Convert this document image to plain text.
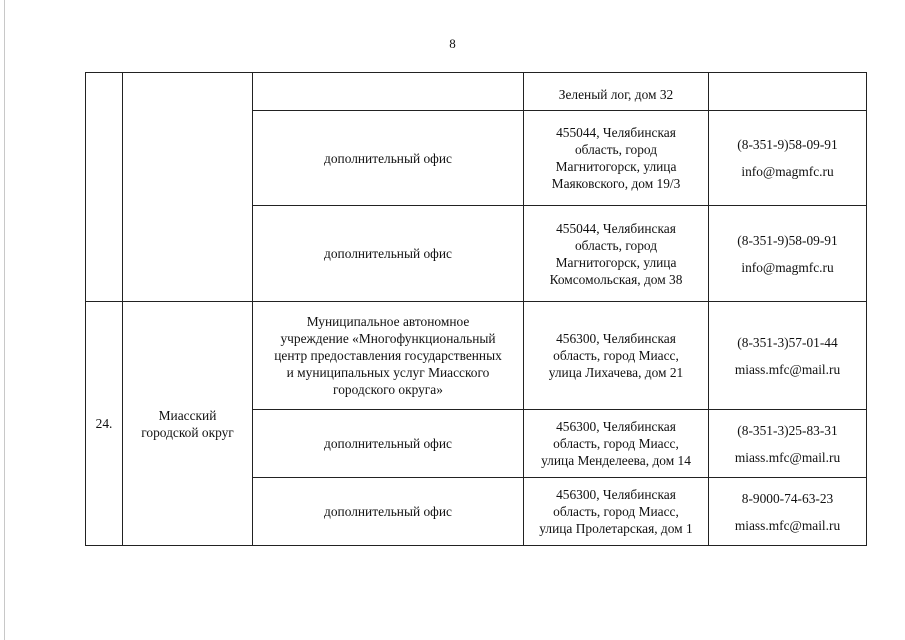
8
			Зеленый лог, дом 32	
		дополнительный офис	455044, Челябинская
область, город
Магнитогорск, улица
Маяковского, дом 19/3	(8-351-9)58-09-91
info@magmfc.ru

		дополнительный офис	455044, Челябинская
область, город
Магнитогорск, улица
Комсомольская, дом 38	(8-351-9)58-09-91
info@magmfc.ru

24.	Миасский
городской округ	Муниципальное автономное
учреждение «Многофункциональный
центр предоставления государственных
и муниципальных услуг Миасского
городского округа»	456300, Челябинская
область, город Миасс,
улица Лихачева, дом 21	(8-351-3)57-01-44
miass.mfc@mail.ru

		дополнительный офис	456300, Челябинская
область, город Миасс,
улица Менделеева, дом 14	(8-351-3)25-83-31
miass.mfc@mail.ru

		дополнительный офис	456300, Челябинская
область, город Миасс,
улица Пролетарская, дом 1	8-9000-74-63-23
miass.mfc@mail.ru
